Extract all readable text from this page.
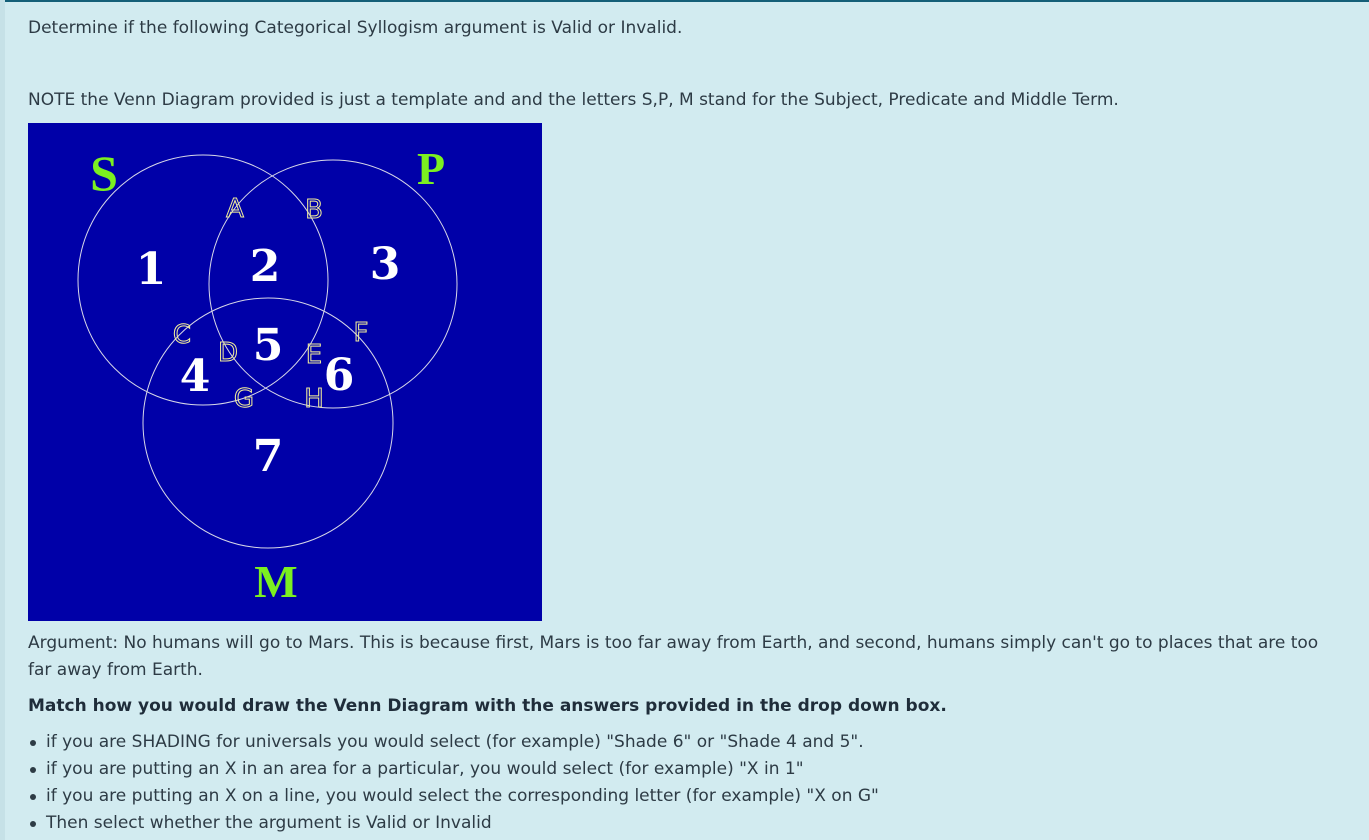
Determine if the following Categorical Syllogism argument is Valid or Invalid.

NOTE the Venn Diagram provided is just a template and and the letters S,P, M stand for the Subject, Predicate and Middle Term.

S	P
M
1 2 3
4
5
6
7
A B
C
D	E
F
G H

Argument: No humans will go to Mars. This is because first, Mars is too far away from Earth, and second, humans simply can't go to places that are too far away from Earth.

Match how you would draw the Venn Diagram with the answers provided in the drop down box.

if you are SHADING for universals you would select (for example) "Shade 6" or "Shade 4 and 5".
if you are putting an X in an area for a particular, you would select (for example) "X in 1"
if you are putting an X on a line, you would select the corresponding letter (for example) "X on G"
Then select whether the argument is Valid or Invalid
